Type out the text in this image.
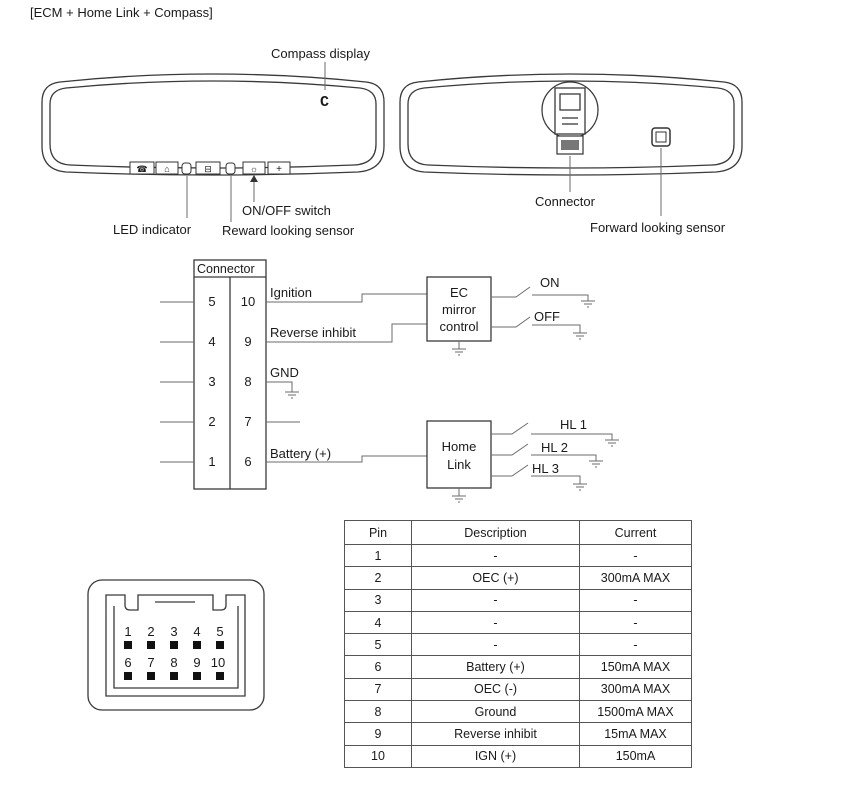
[ECM + Home Link + Compass]
C
☎ ⌂	⊟	☼ +
Compass display
LED indicator
ON/OFF switch
Reward looking sensor
Connector
Forward looking sensor
Connector
5
4
3
2
1
10
9
8
7
6
Ignition
Reverse inhibit
GND
Battery (+)
EC
mirror
control
ON
OFF
Home
Link
HL 1
HL 2
HL 3
1 2 3 4 5
6 7 8 9 10
Pin	Description	Current
1	-	-
2	OEC (+)	300mA MAX
3	-	-
4	-	-
5	-	-
6	Battery (+)	150mA MAX
7	OEC (-)	300mA MAX
8	Ground	1500mA MAX
9	Reverse inhibit	15mA MAX
10	IGN (+)	150mA
